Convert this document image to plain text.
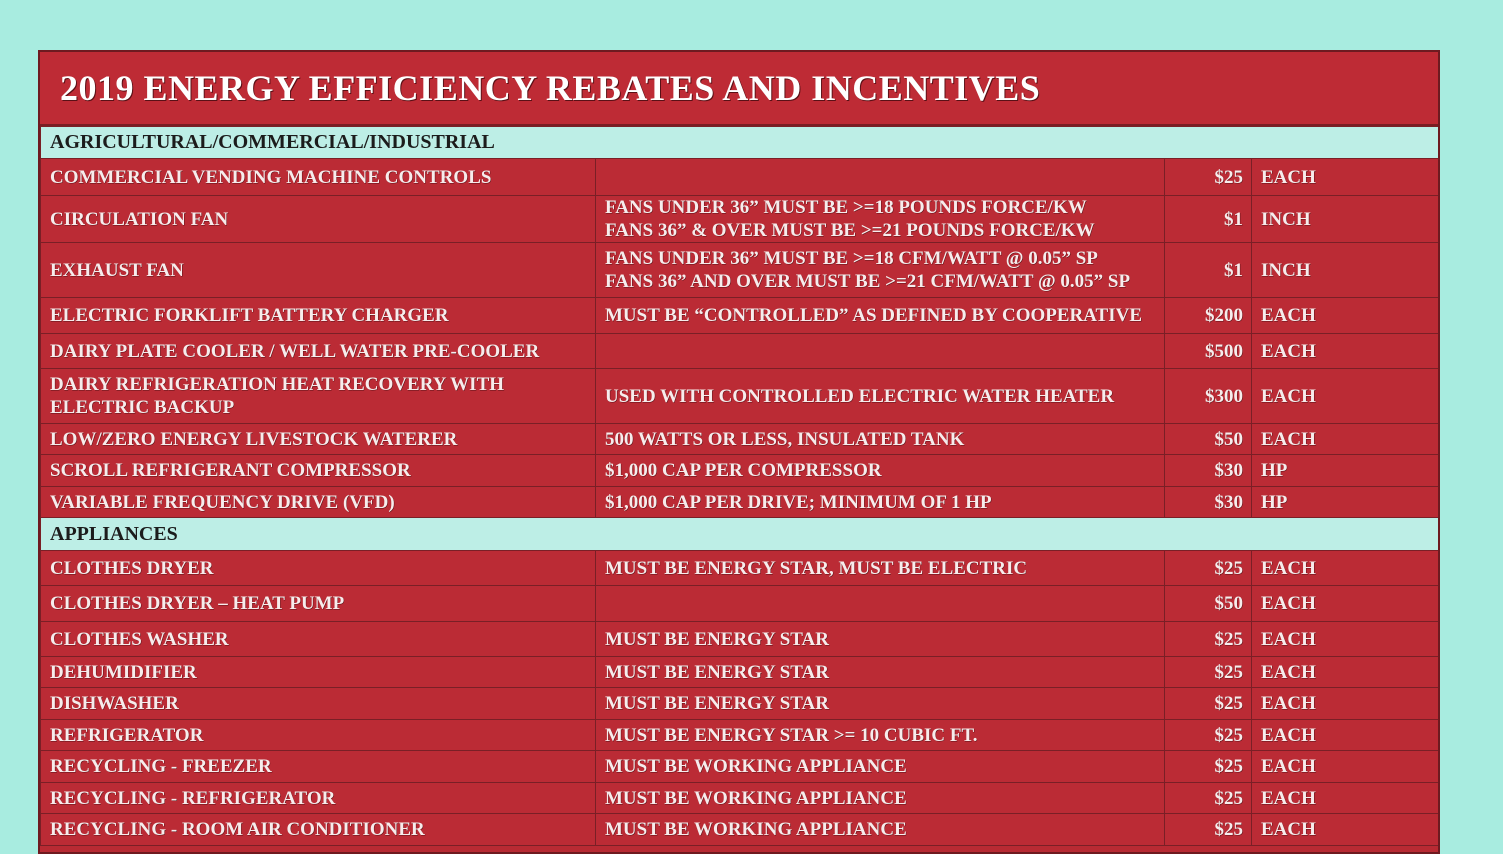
2019 ENERGY EFFICIENCY REBATES AND INCENTIVES
AGRICULTURAL/COMMERCIAL/INDUSTRIAL			
COMMERCIAL VENDING MACHINE CONTROLS		$25	EACH
CIRCULATION FAN	FANS UNDER 36” MUST BE >=18 POUNDS FORCE/KW
FANS 36” & OVER MUST BE >=21 POUNDS FORCE/KW	$1	INCH
EXHAUST FAN	FANS UNDER 36” MUST BE >=18 CFM/WATT @ 0.05” SP
FANS 36” AND OVER MUST BE >=21 CFM/WATT @ 0.05” SP	$1	INCH
ELECTRIC FORKLIFT BATTERY CHARGER	MUST BE “CONTROLLED” AS DEFINED BY COOPERATIVE	$200	EACH
DAIRY PLATE COOLER / WELL WATER PRE-COOLER		$500	EACH

DAIRY REFRIGERATION HEAT RECOVERY WITH
ELECTRIC BACKUP	USED WITH CONTROLLED ELECTRIC WATER HEATER	$300	EACH
LOW/ZERO ENERGY LIVESTOCK WATERER	500 WATTS OR LESS, INSULATED TANK	$50	EACH
SCROLL REFRIGERANT COMPRESSOR	$1,000 CAP PER COMPRESSOR	$30	HP
VARIABLE FREQUENCY DRIVE (VFD)	$1,000 CAP PER DRIVE; MINIMUM OF 1 HP	$30	HP
APPLIANCES			
CLOTHES DRYER	MUST BE ENERGY STAR, MUST BE ELECTRIC	$25	EACH
CLOTHES DRYER – HEAT PUMP		$50	EACH
CLOTHES WASHER	MUST BE ENERGY STAR	$25	EACH
DEHUMIDIFIER	MUST BE ENERGY STAR	$25	EACH
DISHWASHER	MUST BE ENERGY STAR	$25	EACH
REFRIGERATOR	MUST BE ENERGY STAR >= 10 CUBIC FT.	$25	EACH
RECYCLING - FREEZER	MUST BE WORKING APPLIANCE	$25	EACH
RECYCLING - REFRIGERATOR	MUST BE WORKING APPLIANCE	$25	EACH
RECYCLING - ROOM AIR CONDITIONER	MUST BE WORKING APPLIANCE	$25	EACH
